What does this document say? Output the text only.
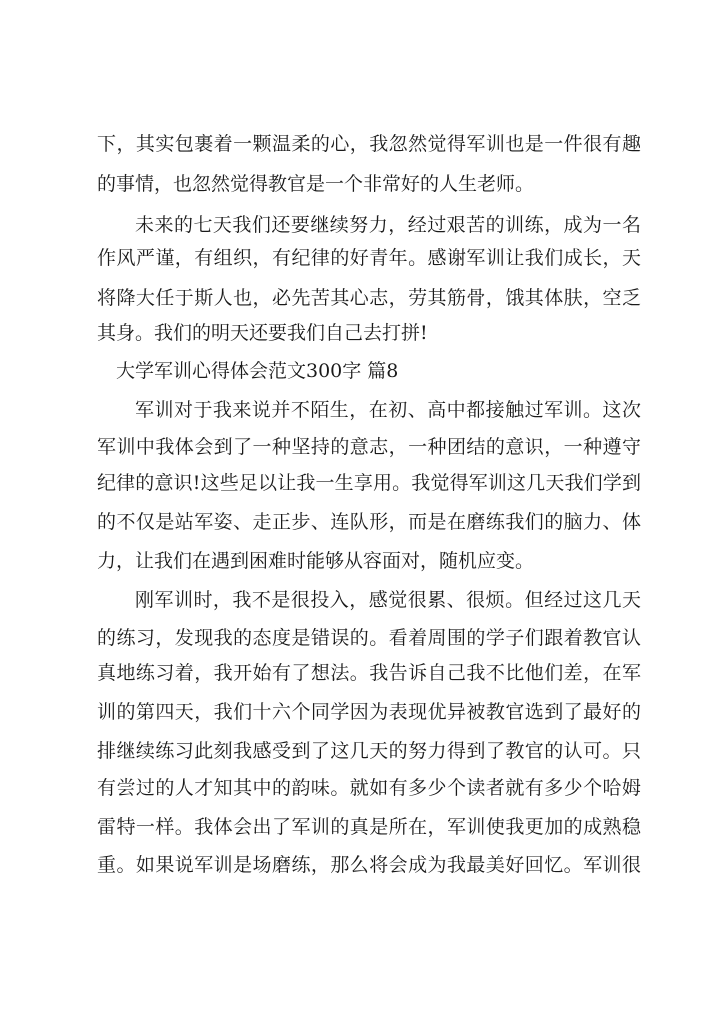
下，其实包裹着一颗温柔的心，我忽然觉得军训也是一件很有趣
的事情，也忽然觉得教官是一个非常好的人生老师。
未来的七天我们还要继续努力，经过艰苦的训练，成为一名
作风严谨，有组织，有纪律的好青年。感谢军训让我们成长，天
将降大任于斯人也，必先苦其心志，劳其筋骨，饿其体肤，空乏
其身。我们的明天还要我们自己去打拼!
大学军训心得体会范文300字 篇8
军训对于我来说并不陌生，在初、高中都接触过军训。这次
军训中我体会到了一种坚持的意志，一种团结的意识，一种遵守
纪律的意识!这些足以让我一生享用。我觉得军训这几天我们学到
的不仅是站军姿、走正步、连队形，而是在磨练我们的脑力、体
力，让我们在遇到困难时能够从容面对，随机应变。
刚军训时，我不是很投入，感觉很累、很烦。但经过这几天
的练习，发现我的态度是错误的。看着周围的学子们跟着教官认
真地练习着，我开始有了想法。我告诉自己我不比他们差，在军
训的第四天，我们十六个同学因为表现优异被教官选到了最好的
排继续练习此刻我感受到了这几天的努力得到了教官的认可。只
有尝过的人才知其中的韵味。就如有多少个读者就有多少个哈姆
雷特一样。我体会出了军训的真是所在，军训使我更加的成熟稳
重。如果说军训是场磨练，那么将会成为我最美好回忆。军训很
